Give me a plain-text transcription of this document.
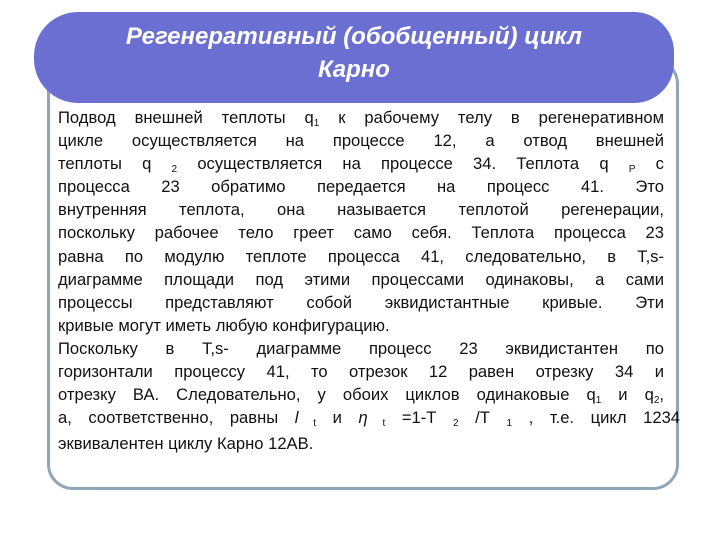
Регенеративный (обобщенный) цикл
Карно
Подвод внешней теплоты $q_1$ к рабочему телу в регенеративном
цикле осуществляется на процессе 12, а отвод внешней
теплоты q $_2$ осуществляется на процессе 34. Теплота q $_Р$ с
процесса 23 обратимо передается на процесс 41. Это
внутренняя теплота, она называется теплотой регенерации,
поскольку рабочее тело греет само себя. Теплота процесса 23
равна по модулю теплоте процесса 41, следовательно, в T,s-
диаграмме площади под этими процессами одинаковы, а сами
процессы представляют собой эквидистантные кривые. Эти
кривые могут иметь любую конфигурацию.
Поскольку в T,s- диаграмме процесс 23 эквидистантен по
горизонтали процессу 41, то отрезок 12 равен отрезку 34 и
отрезку ВА. Следовательно, у обоих циклов одинаковые $q_1$ и $q_2$,
а, соответственно, равны l $_t$ и η $_t$ =1-Т $_2$ /Т $_1$ , т.е. цикл 1234
эквивалентен циклу Карно 12АВ.
